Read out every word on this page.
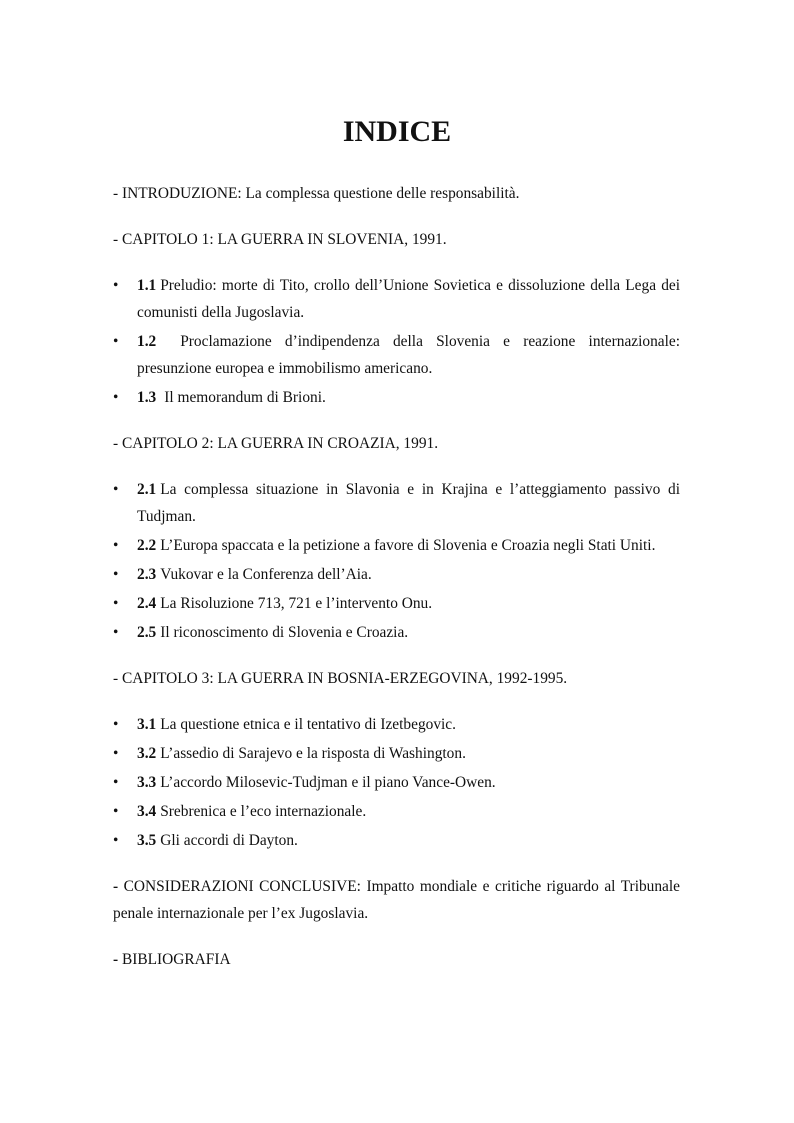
INDICE

- INTRODUZIONE: La complessa questione delle responsabilità.

- CAPITOLO 1: LA GUERRA IN SLOVENIA, 1991.

•	1.1 Preludio: morte di Tito, crollo dell’Unione Sovietica e dissoluzione della Lega dei comunisti della Jugoslavia.
•	1.2 Proclamazione d’indipendenza della Slovenia e reazione internazionale: presunzione europea e immobilismo americano.
•	1.3 Il memorandum di Brioni.

- CAPITOLO 2: LA GUERRA IN CROAZIA, 1991.

•	2.1 La complessa situazione in Slavonia e in Krajina e l’atteggiamento passivo di Tudjman.
•	2.2 L’Europa spaccata e la petizione a favore di Slovenia e Croazia negli Stati Uniti.
•	2.3 Vukovar e la Conferenza dell’Aia.
•	2.4 La Risoluzione 713, 721 e l’intervento Onu.
•	2.5 Il riconoscimento di Slovenia e Croazia.

- CAPITOLO 3: LA GUERRA IN BOSNIA-ERZEGOVINA, 1992-1995.

•	3.1 La questione etnica e il tentativo di Izetbegovic.
•	3.2 L’assedio di Sarajevo e la risposta di Washington.
•	3.3 L’accordo Milosevic-Tudjman e il piano Vance-Owen.
•	3.4 Srebrenica e l’eco internazionale.
•	3.5 Gli accordi di Dayton.

- CONSIDERAZIONI CONCLUSIVE: Impatto mondiale e critiche riguardo al Tribunale penale internazionale per l’ex Jugoslavia.

- BIBLIOGRAFIA
